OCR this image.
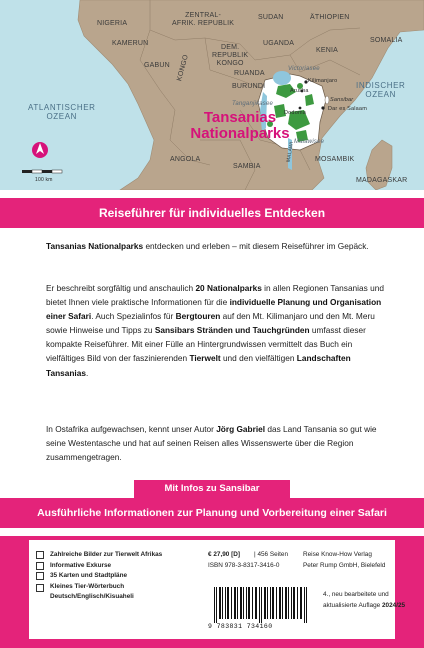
NIGERIA
ZENTRAL-
AFRIK. REPUBLIK
SUDAN	ÄTHIOPIEN
KAMERUN
DEM.
REPUBLIK
KONGO
KONGO
GABUN
UGANDA
KENIA
SOMALIA
RUANDA
BURUNDI
ANGOLA
SAMBIA
MOSAMBIK
MADAGASKAR
MALAWI
ATLANTISCHER
OZEAN
INDISCHER
OZEAN
Kilimanjaro
Arusha
Dodoma
Sansibar
Dar es Salaam
Victoriasee
Tanganjikasee
Malawisee
Tansanias
Nationalparks
100 km
Reiseführer für individuelles Entdecken
Tansanias Nationalparks entdecken und erleben – mit diesem Reiseführer im Gepäck.
Er beschreibt sorgfältig und anschaulich 20 Nationalparks in allen Regionen Tansanias und bietet Ihnen viele praktische Informationen für die individuelle Planung und Organisation einer Safari. Auch Spezialinfos für Bergtouren auf den Mt. Kilimanjaro und den Mt. Meru sowie Hinweise und Tipps zu Sansibars Stränden und Tauchgründen umfasst dieser kompakte Reiseführer. Mit einer Fülle an Hintergrundwissen vermittelt das Buch ein vielfältiges Bild von der faszinierenden Tierwelt und den vielfältigen Landschaften Tansanias.
In Ostafrika aufgewachsen, kennt unser Autor Jörg Gabriel das Land Tansania so gut wie seine Westentasche und hat auf seinen Reisen alles Wissenswerte über die Region zusammengetragen.
Mit Infos zu Sansibar
Ausführliche Informationen zur Planung und Vorbereitung einer Safari
Zahlreiche Bilder zur Tierwelt Afrikas
Informative Exkurse
35 Karten und Stadtpläne
Kleines Tier-Wörterbuch
Deutsch/Englisch/Kisuaheli
€ 27,90 [D] | 456 Seiten
ISBN 978-3-8317-3416-0
Reise Know-How Verlag
Peter Rump GmbH, Bielefeld
4., neu bearbeitete und
aktualisierte Auflage 2024/25
9 783831 734160
